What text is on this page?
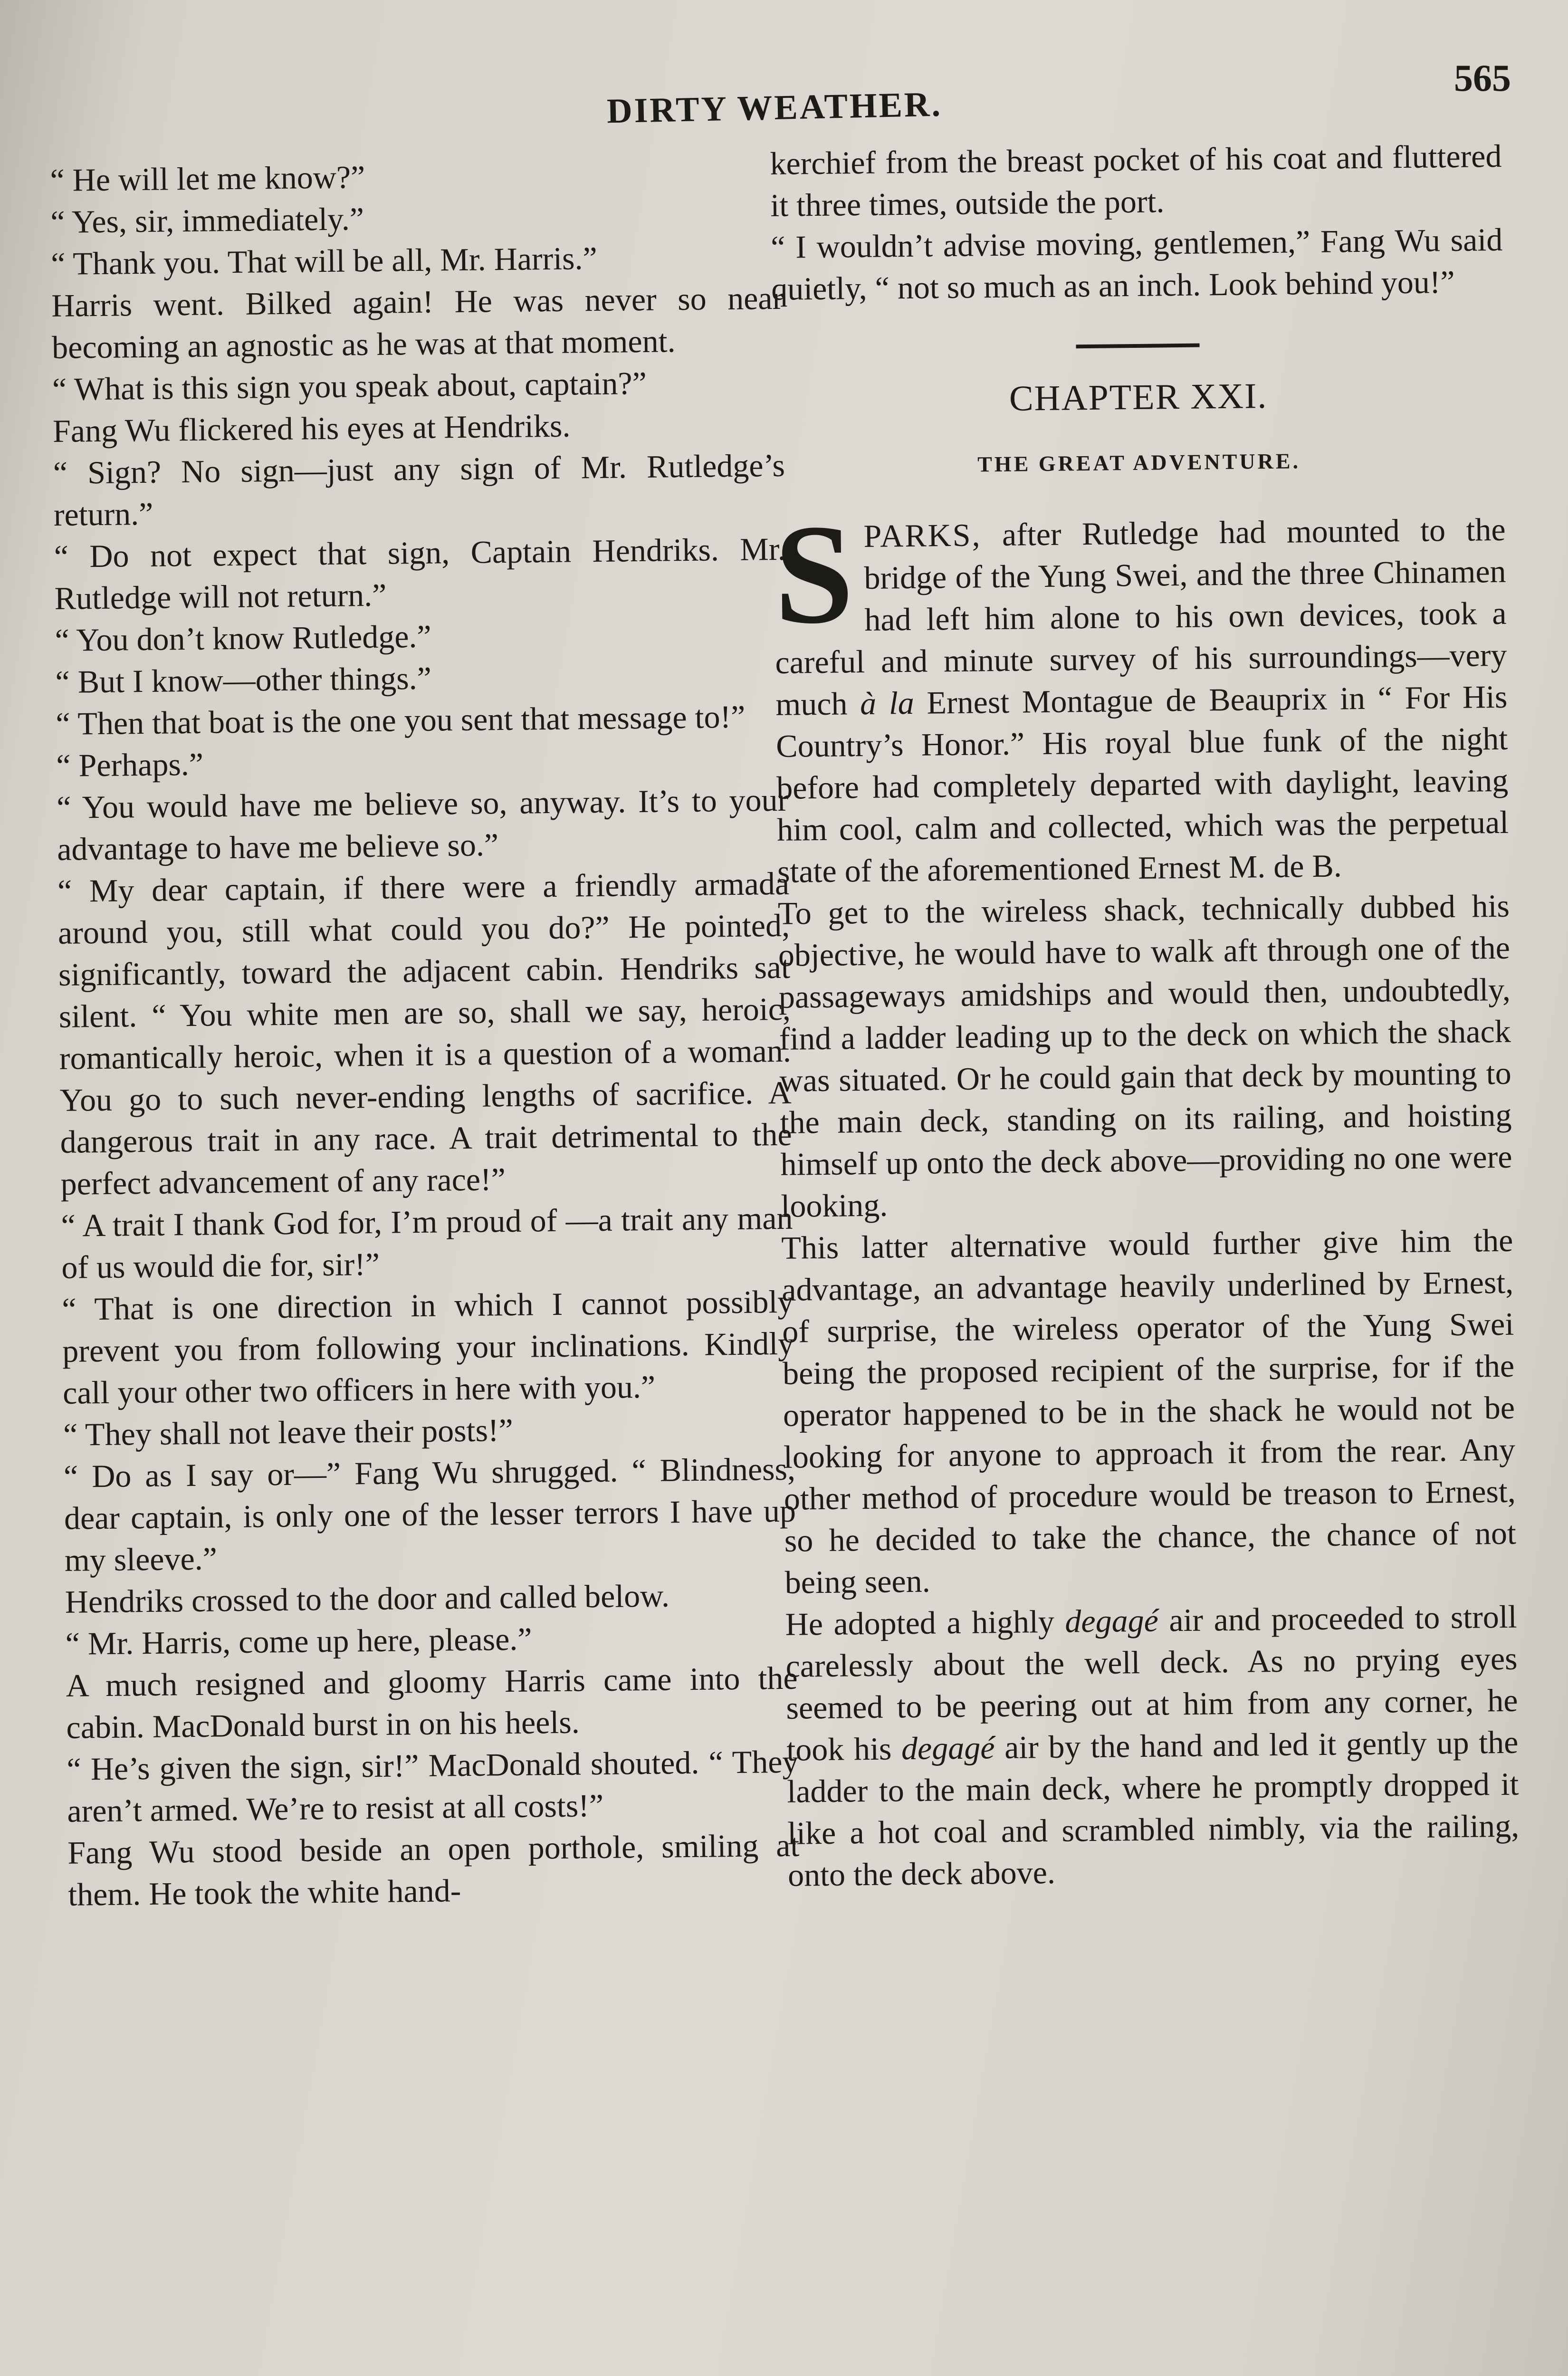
DIRTY WEATHER.
565

“ He will let me know?”

“ Yes, sir, immediately.”

“ Thank you. That will be all, Mr. Harris.”

Harris went. Bilked again! He was never so near becoming an agnostic as he was at that moment.

“ What is this sign you speak about, captain?”

Fang Wu flickered his eyes at Hendriks.

“ Sign? No sign—just any sign of Mr. Rutledge’s return.”

“ Do not expect that sign, Captain Hendriks. Mr. Rutledge will not return.”

“ You don’t know Rutledge.”

“ But I know—other things.”

“ Then that boat is the one you sent that message to!”

“ Perhaps.”

“ You would have me believe so, anyway. It’s to your advantage to have me believe so.”

“ My dear captain, if there were a friendly armada around you, still what could you do?” He pointed, significantly, toward the adjacent cabin. Hendriks sat silent. “ You white men are so, shall we say, heroic, romantically heroic, when it is a question of a woman. You go to such never-ending lengths of sacrifice. A dangerous trait in any race. A trait detrimental to the perfect advancement of any race!”

“ A trait I thank God for, I’m proud of —a trait any man of us would die for, sir!”

“ That is one direction in which I cannot possibly prevent you from following your inclinations. Kindly call your other two officers in here with you.”

“ They shall not leave their posts!”

“ Do as I say or—” Fang Wu shrugged. “ Blindness, dear captain, is only one of the lesser terrors I have up my sleeve.”

Hendriks crossed to the door and called below.

“ Mr. Harris, come up here, please.”

A much resigned and gloomy Harris came into the cabin. MacDonald burst in on his heels.

“ He’s given the sign, sir!” MacDonald shouted. “ They aren’t armed. We’re to resist at all costs!”

Fang Wu stood beside an open porthole, smiling at them. He took the white hand-

kerchief from the breast pocket of his coat and fluttered it three times, outside the port.

“ I wouldn’t advise moving, gentlemen,” Fang Wu said quietly, “ not so much as an inch. Look behind you!”

CHAPTER XXI.
THE GREAT ADVENTURE.

SPARKS, after Rutledge had mounted to the bridge of the Yung Swei, and the three Chinamen had left him alone to his own devices, took a careful and minute survey of his surroundings—very much à la Ernest Montague de Beauprix in “ For His Country’s Honor.” His royal blue funk of the night before had completely departed with daylight, leaving him cool, calm and collected, which was the perpetual state of the aforementioned Ernest M. de B.

To get to the wireless shack, technically dubbed his objective, he would have to walk aft through one of the passageways amidships and would then, undoubtedly, find a ladder leading up to the deck on which the shack was situated. Or he could gain that deck by mounting to the main deck, standing on its railing, and hoisting himself up onto the deck above—providing no one were looking.

This latter alternative would further give him the advantage, an advantage heavily underlined by Ernest, of surprise, the wireless operator of the Yung Swei being the proposed recipient of the surprise, for if the operator happened to be in the shack he would not be looking for anyone to approach it from the rear. Any other method of procedure would be treason to Ernest, so he decided to take the chance, the chance of not being seen.

He adopted a highly degagé air and proceeded to stroll carelessly about the well deck. As no prying eyes seemed to be peering out at him from any corner, he took his degagé air by the hand and led it gently up the ladder to the main deck, where he promptly dropped it like a hot coal and scrambled nimbly, via the railing, onto the deck above.
